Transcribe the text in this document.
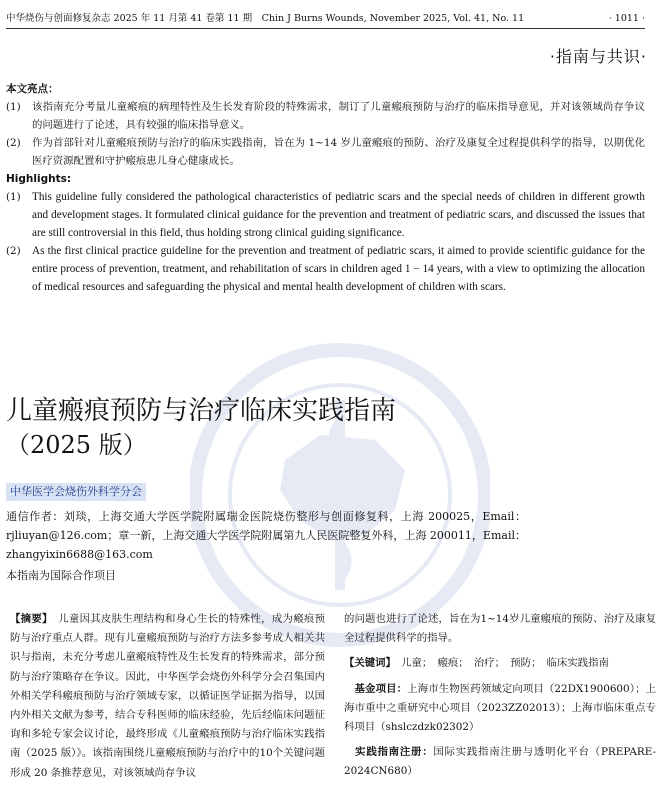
中华烧伤与创面修复杂志 2025 年 11 月第 41 卷第 11 期　Chin J Burns Wounds, November 2025, Vol. 41, No. 11	· 1011 ·
·指南与共识·
本文亮点：
(1)	该指南充分考量儿童瘢痕的病理特性及生长发育阶段的特殊需求，制订了儿童瘢痕预防与治疗的临床指导意见，并对该领域尚存争议的问题进行了论述，具有较强的临床指导意义。
(2)	作为首部针对儿童瘢痕预防与治疗的临床实践指南，旨在为 1~14 岁儿童瘢痕的预防、治疗及康复全过程提供科学的指导，以期优化医疗资源配置和守护瘢痕患儿身心健康成长。
Highlights:
(1)	This guideline fully considered the pathological characteristics of pediatric scars and the special needs of children in different growth and development stages. It formulated clinical guidance for the prevention and treatment of pediatric scars, and discussed the issues that are still controversial in this field, thus holding strong clinical guiding significance.
(2)	As the first clinical practice guideline for the prevention and treatment of pediatric scars, it aimed to provide scientific guidance for the entire process of prevention, treatment, and rehabilitation of scars in children aged 1 − 14 years, with a view to optimizing the allocation of medical resources and safeguarding the physical and mental health development of children with scars.
儿童瘢痕预防与治疗临床实践指南
（2025 版）
中华医学会烧伤外科学分会
通信作者：刘琰，上海交通大学医学院附属瑞金医院烧伤整形与创面修复科，上海 200025，Email：rjliuyan@126.com；章一新，上海交通大学医学院附属第九人民医院整复外科，上海 200011，Email：zhangyixin6688@163.com
本指南为国际合作项目

【摘要】　 儿童因其皮肤生理结构和身心生长的特殊性，成为瘢痕预防与治疗重点人群。现有儿童瘢痕预防与治疗方法多参考成人相关共识与指南，未充分考虑儿童瘢痕特性及生长发育的特殊需求，部分预防与治疗策略存在争议。因此，中华医学会烧伤外科学分会召集国内外相关学科瘢痕预防与治疗领域专家，以循证医学证据为指导，以国内外相关文献为参考，结合专科医师的临床经验，先后经临床问题征询和多轮专家会议讨论，最终形成《儿童瘢痕预防与治疗临床实践指南（2025 版）》。该指南围绕儿童瘢痕预防与治疗中的10个关键问题形成 20 条推荐意见，对该领域尚存争议

的问题也进行了论述，旨在为1~14岁儿童瘢痕的预防、治疗及康复全过程提供科学的指导。

【关键词】　 儿童；　瘢痕；　治疗；　预防；　临床实践指南

　基金项目：上海市生物医药领域定向项目（22DX1900600）；上海市重中之重研究中心项目（2023ZZ02013）；上海市临床重点专科项目（shslczdzk02302）

　实践指南注册：国际实践指南注册与透明化平台（PREPARE-2024CN680）
